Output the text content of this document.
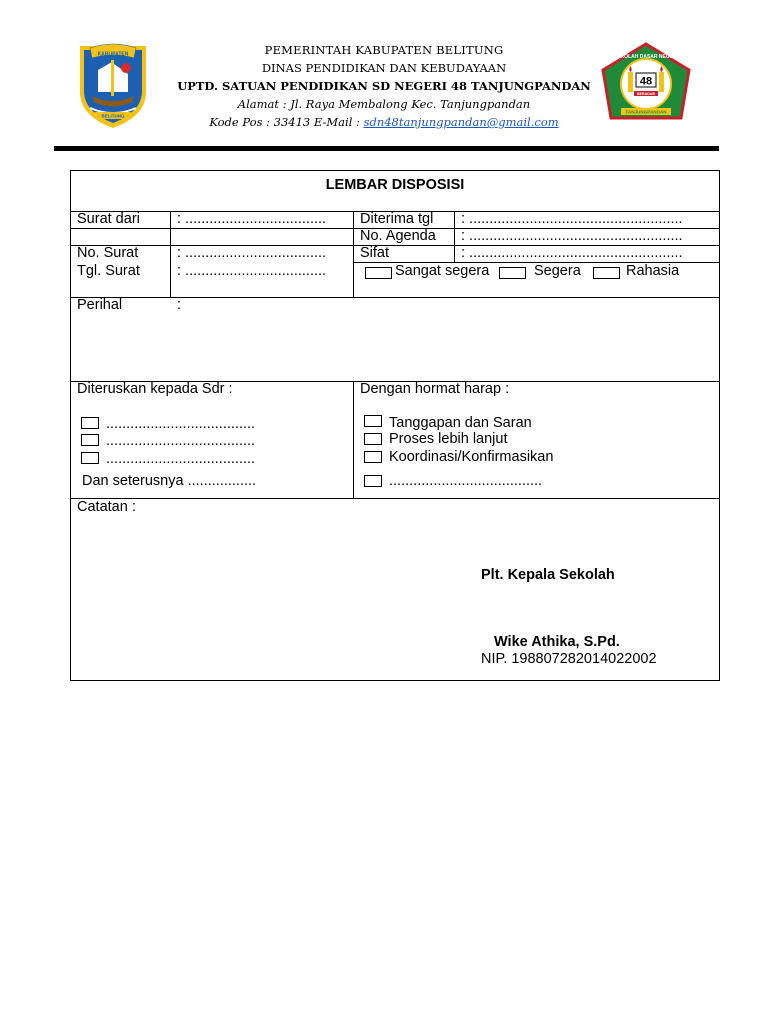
KABUPATEN
BELITUNG
SEKOLAH DASAR NEGERI
48
BERADAB
TANJUNGPANDAN
PEMERINTAH KABUPATEN BELITUNG
DINAS PENDIDIKAN DAN KEBUDAYAAN
UPTD. SATUAN PENDIDIKAN SD NEGERI 48 TANJUNGPANDAN
Alamat : Jl. Raya Membalong Kec. Tanjungpandan
Kode Pos : 33413 E-Mail : sdn48tanjungpandan@gmail.com
LEMBAR DISPOSISI
Surat dari	: ...................................
No. Surat	: ...................................
Tgl. Surat	: ...................................
Diterima tgl : .....................................................
No. Agenda : .....................................................
Sifat	: .....................................................
Sangat segera	Segera	Rahasia
Perihal	:
Diteruskan kepada Sdr :
.....................................
.....................................
.....................................
Dan seterusnya .................
Dengan hormat harap :
Tanggapan dan Saran
Proses lebih lanjut
Koordinasi/Konfirmasikan
......................................
Catatan :
Plt. Kepala Sekolah
Wike Athika, S.Pd.
NIP. 198807282014022002
